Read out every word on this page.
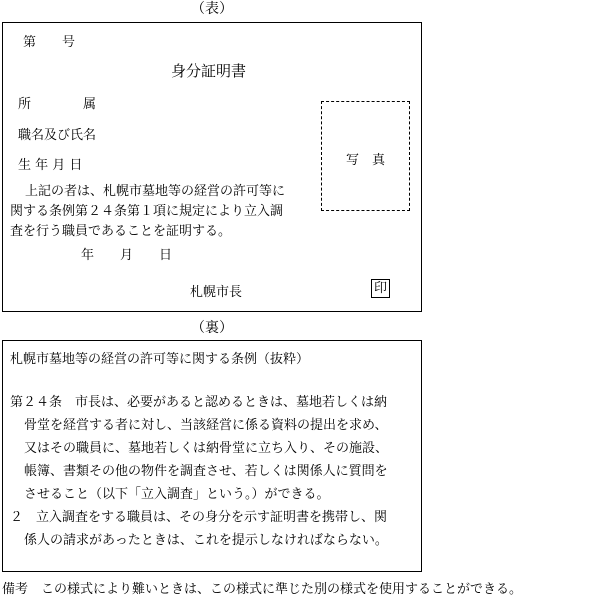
（表）
第　　号
身分証明書
所　　　　属
職名及び氏名
生 年 月 日	写　真
上記の者は、札幌市墓地等の経営の許可等に
関する条例第２４条第１項に規定により立入調
査を行う職員であることを証明する。
年　　月　　日
札幌市長	印
（裏）
札幌市墓地等の経営の許可等に関する条例（抜粋）
第２４条　市長は、必要があると認めるときは、墓地若しくは納
骨堂を経営する者に対し、当該経営に係る資料の提出を求め、
又はその職員に、墓地若しくは納骨堂に立ち入り、その施設、
帳簿、書類その他の物件を調査させ、若しくは関係人に質問を
させること（以下「立入調査」という。）ができる。
２　立入調査をする職員は、その身分を示す証明書を携帯し、関
係人の請求があったときは、これを提示しなければならない。
備考　この様式により難いときは、この様式に準じた別の様式を使用することができる。
